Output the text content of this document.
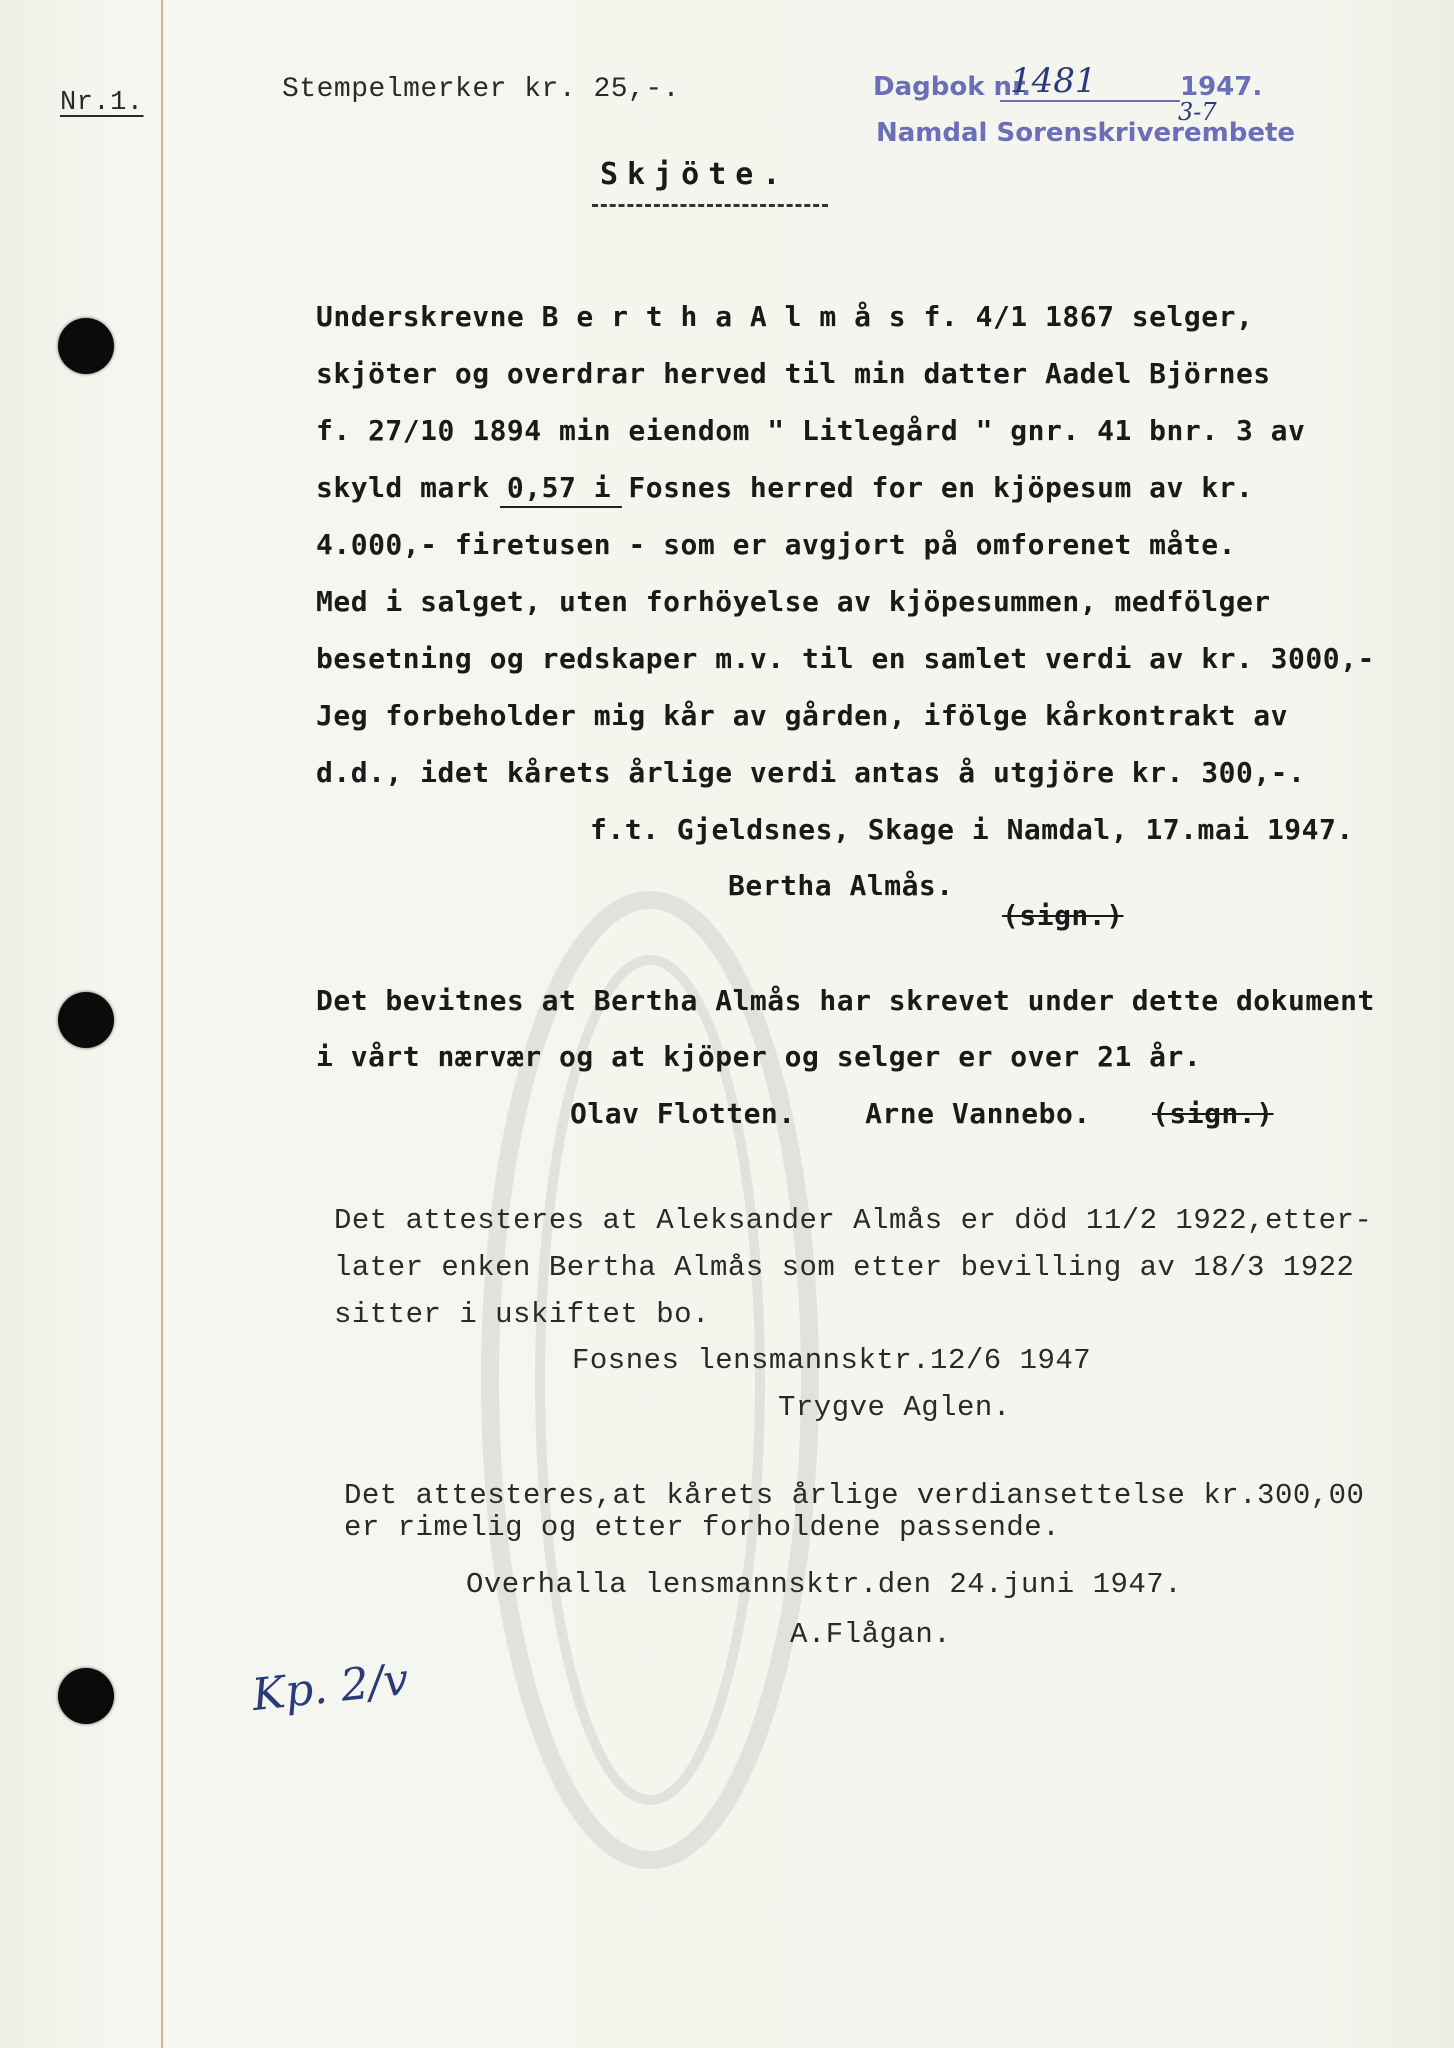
Nr.1.	Stempelmerker kr. 25,-.	Dagbok nr.
1481	1947.
3-7
Namdal Sorenskriverembete
Skjöte.
Underskrevne B e r t h a A l m å s f. 4/1 1867 selger,
skjöter og overdrar herved til min datter Aadel Björnes
f. 27/10 1894 min eiendom " Litlegård " gnr. 41 bnr. 3 av
skyld mark 0,57 i Fosnes herred for en kjöpesum av kr.
4.000,- firetusen - som er avgjort på omforenet måte.
Med i salget, uten forhöyelse av kjöpesummen, medfölger
besetning og redskaper m.v. til en samlet verdi av kr. 3000,-
Jeg forbeholder mig kår av gården, ifölge kårkontrakt av
d.d., idet kårets årlige verdi antas å utgjöre kr. 300,-.
f.t. Gjeldsnes, Skage i Namdal, 17.mai 1947.
Bertha Almås.
(sign.)
Det bevitnes at Bertha Almås har skrevet under dette dokument
i vårt nærvær og at kjöper og selger er over 21 år.
Olav Flotten.    Arne Vannebo. (sign.)
Det attesteres at Aleksander Almås er död 11/2 1922,etter-
later enken Bertha Almås som etter bevilling av 18/3 1922
sitter i uskiftet bo.
Fosnes lensmannsktr.12/6 1947
Trygve Aglen.
Det attesteres,at kårets årlige verdiansettelse kr.300,00
er rimelig og etter forholdene passende.
Overhalla lensmannsktr.den 24.juni 1947.
A.Flågan.
Kp. 2/v
